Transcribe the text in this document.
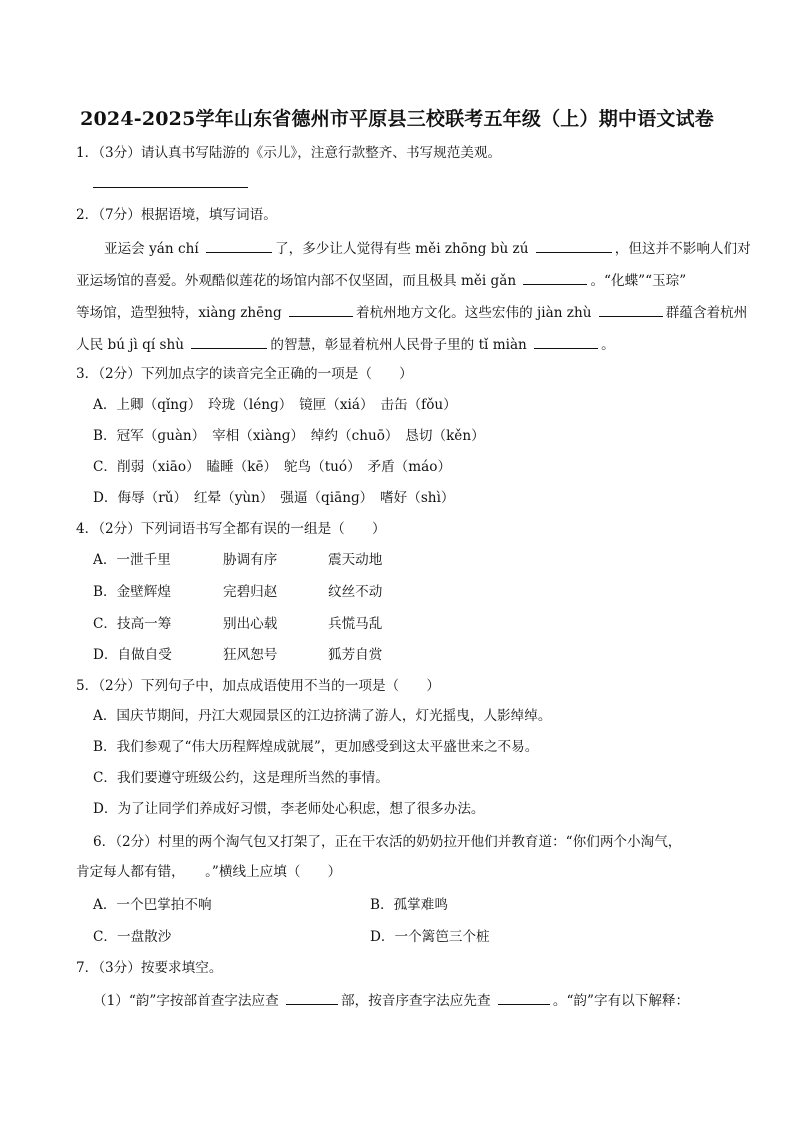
2024-2025学年山东省德州市平原县三校联考五年级（上）期中语文试卷
1．（3分）请认真书写陆游的《示儿》，注意行款整齐、书写规范美观。
2．（7分）根据语境，填写词语。
亚运会 yán chí	了，多少让人觉得有些 měi zhōng bù zú	，但这并不影响人们对
亚运场馆的喜爱。外观酷似莲花的场馆内部不仅坚固，而且极具 měi gǎn	。“化蝶”“玉琮”
等场馆，造型独特，xiàng zhēng	着杭州地方文化。这些宏伟的 jiàn zhù	群蕴含着杭州
人民 bú jì qí shù	的智慧，彰显着杭州人民骨子里的 tǐ miàn	。
3．（2分）下列加点字的读音完全正确的一项是（　　）
A．上卿（qǐnɡ）　玲珑（lénɡ）　镜匣（xiá）　击缶（fǒu）
B．冠军（ɡuàn）　宰相（xiànɡ）　绰约（chuō）　恳切（kěn）
C．削弱（xiāo）　瞌睡（kē）　鸵鸟（tuó）　矛盾（máo）
D．侮辱（rǔ）　红晕（yùn）　强逼（qiānɡ）　嗜好（shì）
4．（2分）下列词语书写全都有误的一组是（　　）
A．一泄千里	胁调有序	震天动地
B．金壁辉煌	完碧归赵	纹丝不动
C．技高一筹	别出心载	兵慌马乱
D．自做自受	狂风恕号	狐芳自赏
5．（2分）下列句子中，加点成语使用不当的一项是（　　）
A．国庆节期间，丹江大观园景区的江边挤满了游人，灯光摇曳，人影绰绰。
B．我们参观了“伟大历程辉煌成就展”，更加感受到这太平盛世来之不易。
C．我们要遵守班级公约，这是理所当然的事情。
D．为了让同学们养成好习惯，李老师处心积虑，想了很多办法。
6．（2分）村里的两个淘气包又打架了，正在干农活的奶奶拉开他们并教育道：“你们两个小淘气，
肯定每人都有错，　　。”横线上应填（　　）
A．一个巴掌拍不响	B．孤掌难鸣
C．一盘散沙	D．一个篱笆三个桩
7．（3分）按要求填空。
（1）“韵”字按部首查字法应查	部，按音序查字法应先查	。“韵”字有以下解释：
